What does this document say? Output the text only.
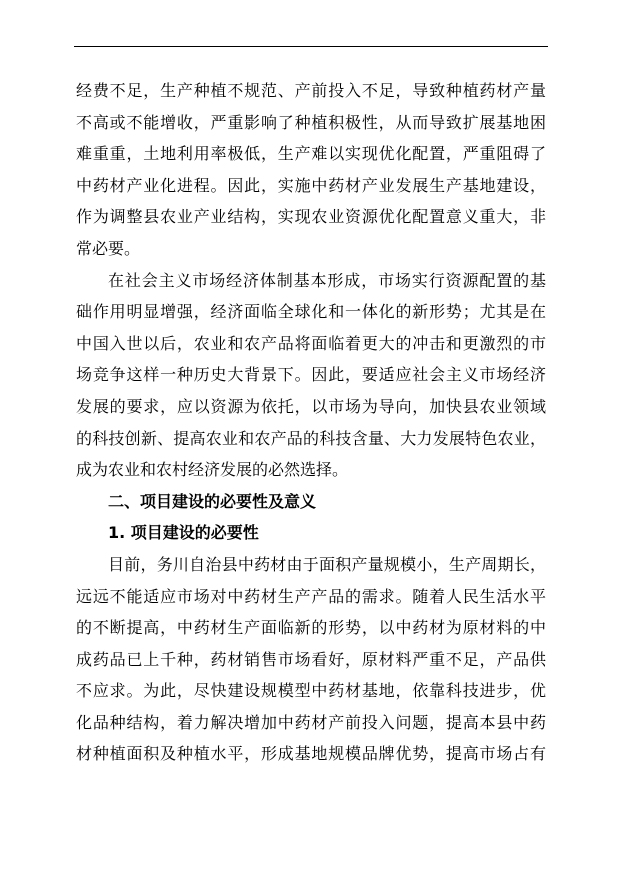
经费不足，生产种植不规范、产前投入不足，导致种植药材产量
不高或不能增收，严重影响了种植积极性，从而导致扩展基地困
难重重，土地利用率极低，生产难以实现优化配置，严重阻碍了
中药材产业化进程。因此，实施中药材产业发展生产基地建设，
作为调整县农业产业结构，实现农业资源优化配置意义重大，非
常必要。

在社会主义市场经济体制基本形成，市场实行资源配置的基
础作用明显增强，经济面临全球化和一体化的新形势；尤其是在
中国入世以后，农业和农产品将面临着更大的冲击和更激烈的市
场竞争这样一种历史大背景下。因此，要适应社会主义市场经济
发展的要求，应以资源为依托，以市场为导向，加快县农业领域
的科技创新、提高农业和农产品的科技含量、大力发展特色农业，
成为农业和农村经济发展的必然选择。

二、项目建设的必要性及意义
1. 项目建设的必要性

目前，务川自治县中药材由于面积产量规模小，生产周期长，
远远不能适应市场对中药材生产产品的需求。随着人民生活水平
的不断提高，中药材生产面临新的形势，以中药材为原材料的中
成药品已上千种，药材销售市场看好，原材料严重不足，产品供
不应求。为此，尽快建设规模型中药材基地，依靠科技进步，优
化品种结构，着力解决增加中药材产前投入问题，提高本县中药
材种植面积及种植水平，形成基地规模品牌优势，提高市场占有
